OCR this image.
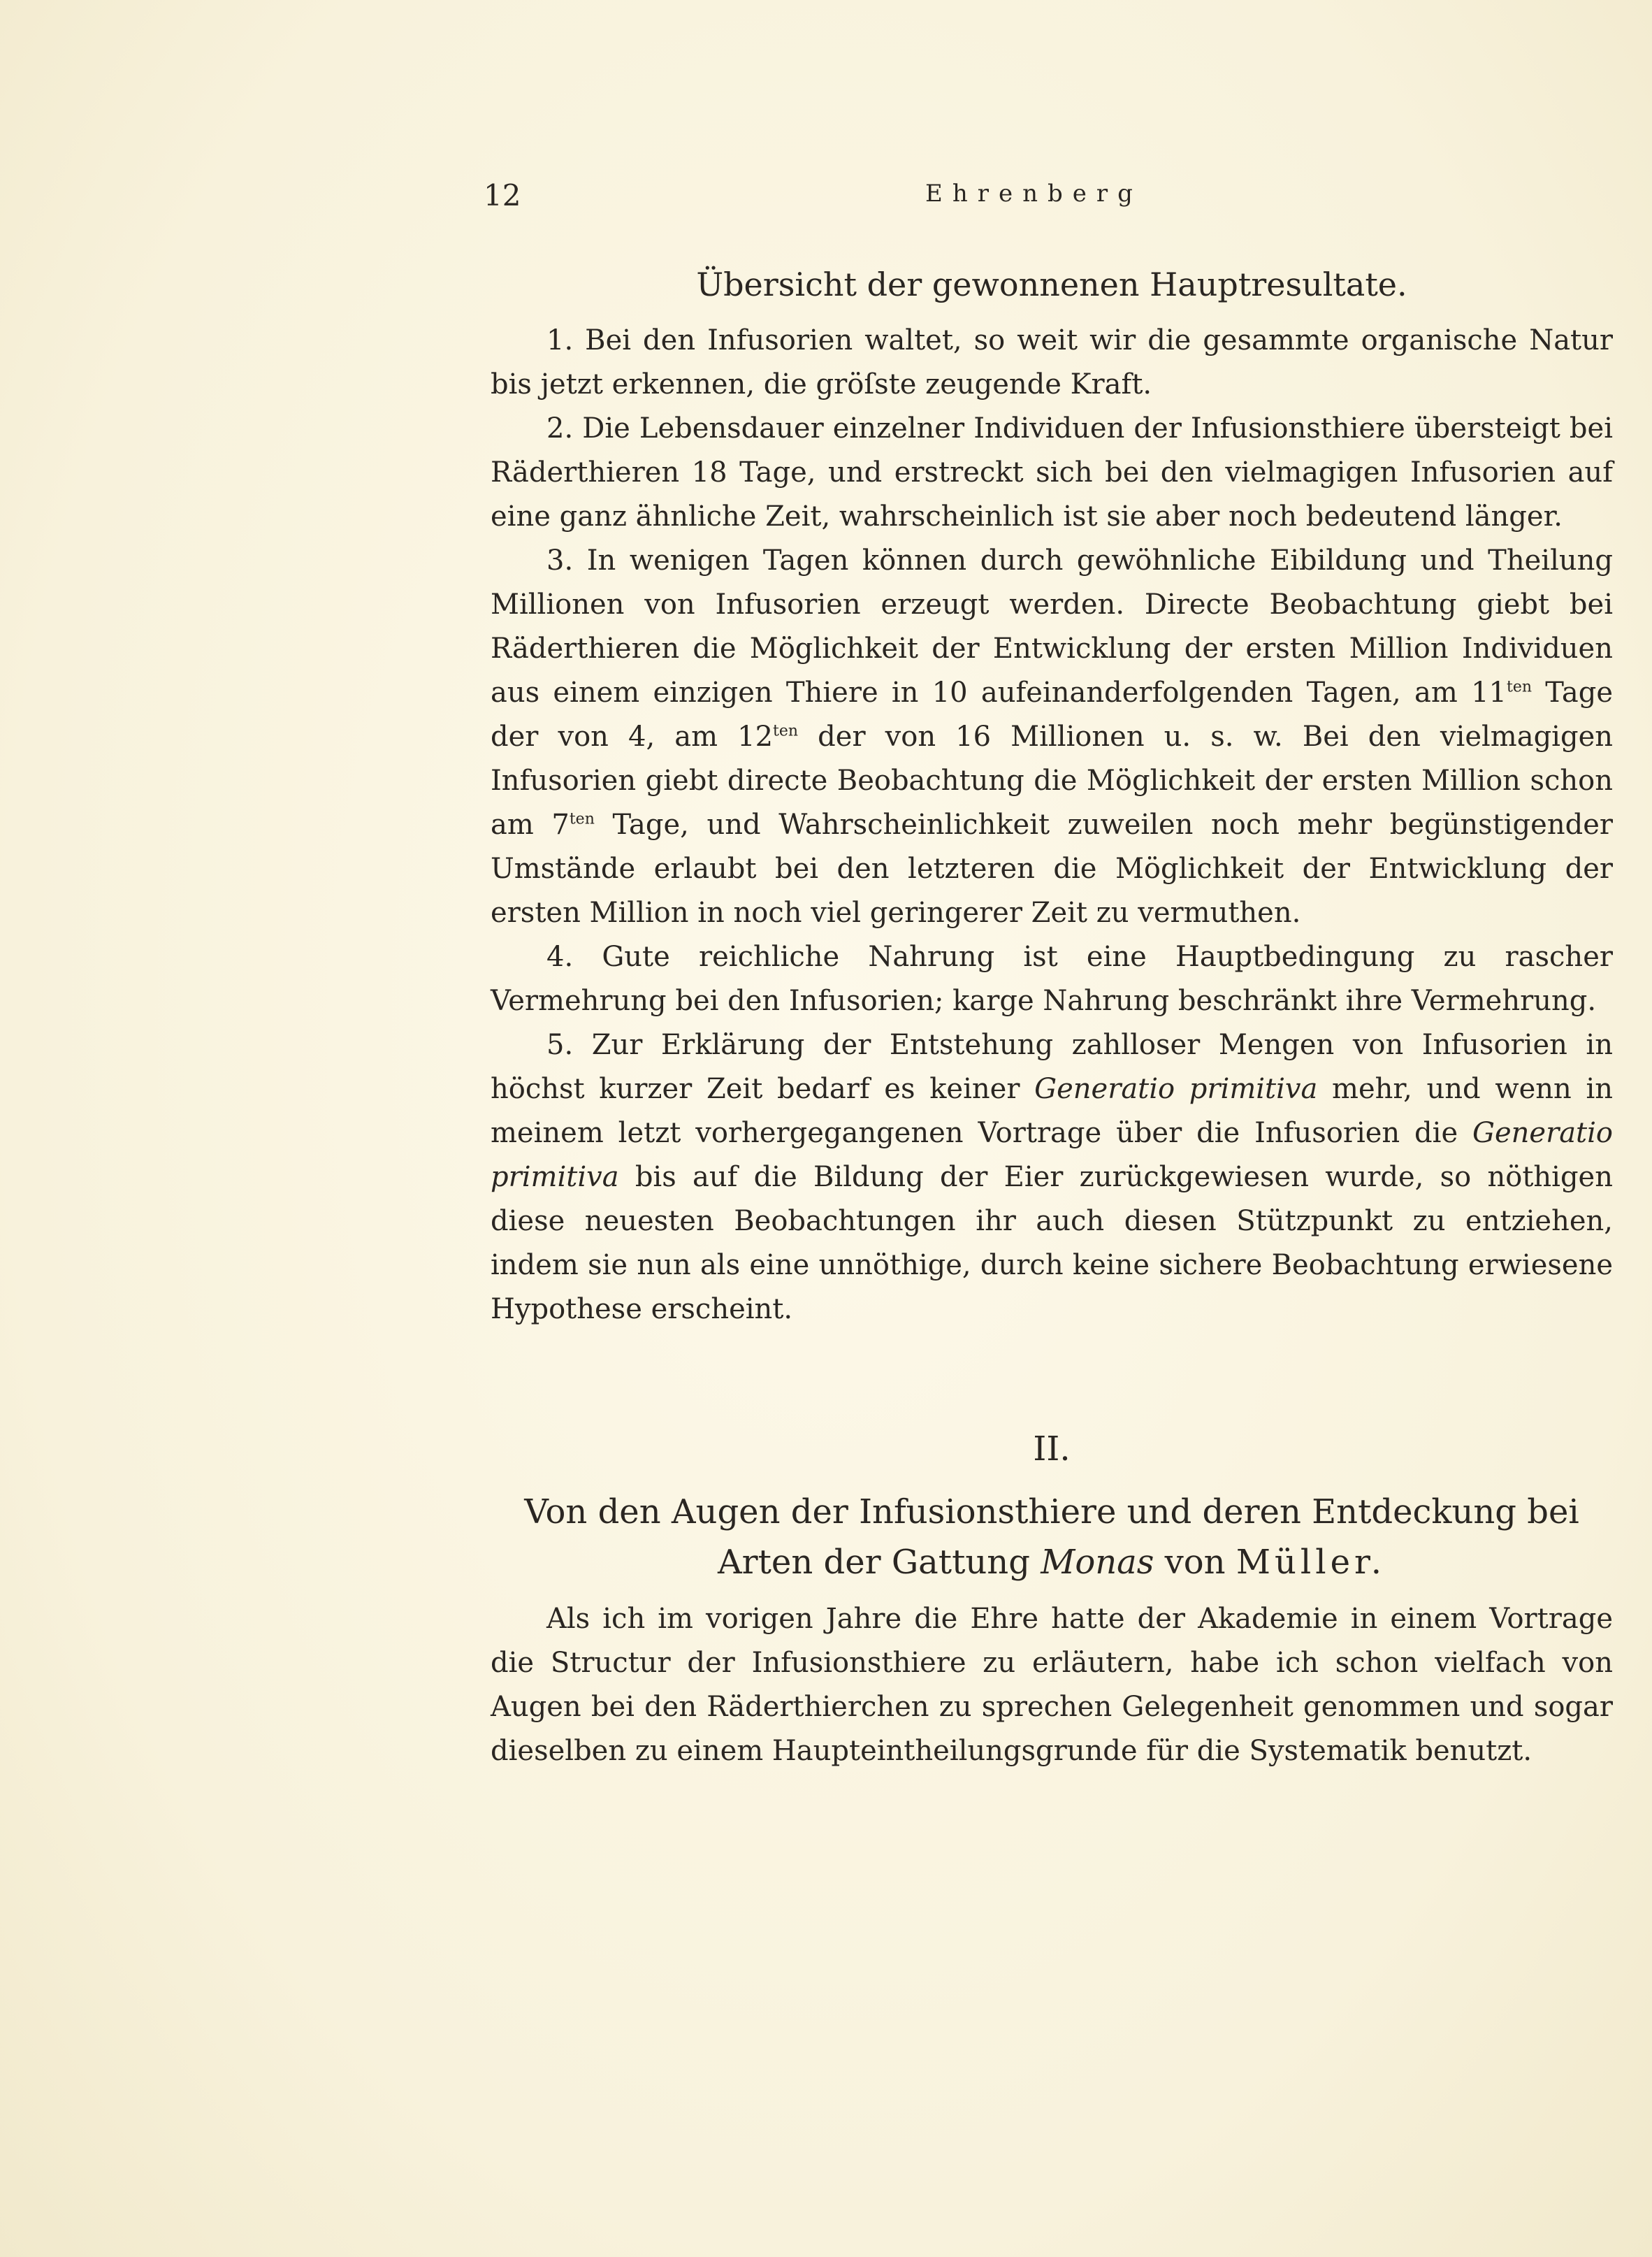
12	Ehrenberg
Übersicht der gewonnenen Hauptresultate.

1. Bei den Infusorien waltet, so weit wir die gesammte organische Natur bis jetzt erkennen, die gröſste zeugende Kraft.

2. Die Lebensdauer einzelner Individuen der Infusionsthiere übersteigt bei Räderthieren 18 Tage, und erstreckt sich bei den vielmagigen Infusorien auf eine ganz ähnliche Zeit, wahrscheinlich ist sie aber noch bedeutend länger.

3. In wenigen Tagen können durch gewöhnliche Eibildung und Theilung Millionen von Infusorien erzeugt werden. Directe Beobachtung giebt bei Räderthieren die Möglichkeit der Entwicklung der ersten Million Individuen aus einem einzigen Thiere in 10 aufeinanderfolgenden Tagen, am $11^{ten}$ Tage der von 4, am $12^{ten}$ der von 16 Millionen u. s. w. Bei den vielmagigen Infusorien giebt directe Beobachtung die Möglichkeit der ersten Million schon am $7^{ten}$ Tage, und Wahrscheinlichkeit zuweilen noch mehr begünstigender Umstände erlaubt bei den letzteren die Möglichkeit der Entwicklung der ersten Million in noch viel geringerer Zeit zu vermuthen.

4. Gute reichliche Nahrung ist eine Hauptbedingung zu rascher Vermehrung bei den Infusorien; karge Nahrung beschränkt ihre Vermehrung.

5. Zur Erklärung der Entstehung zahlloser Mengen von Infusorien in höchst kurzer Zeit bedarf es keiner Generatio primitiva mehr, und wenn in meinem letzt vorhergegangenen Vortrage über die Infusorien die Generatio primitiva bis auf die Bildung der Eier zurückgewiesen wurde, so nöthigen diese neuesten Beobachtungen ihr auch diesen Stützpunkt zu entziehen, indem sie nun als eine unnöthige, durch keine sichere Beobachtung erwiesene Hypothese erscheint.

II.
Von den Augen der Infusionsthiere und deren Entdeckung bei Arten der Gattung Monas von Müller.

Als ich im vorigen Jahre die Ehre hatte der Akademie in einem Vortrage die Structur der Infusionsthiere zu erläutern, habe ich schon vielfach von Augen bei den Räderthierchen zu sprechen Gelegenheit genommen und sogar dieselben zu einem Haupteintheilungsgrunde für die Systematik benutzt.
